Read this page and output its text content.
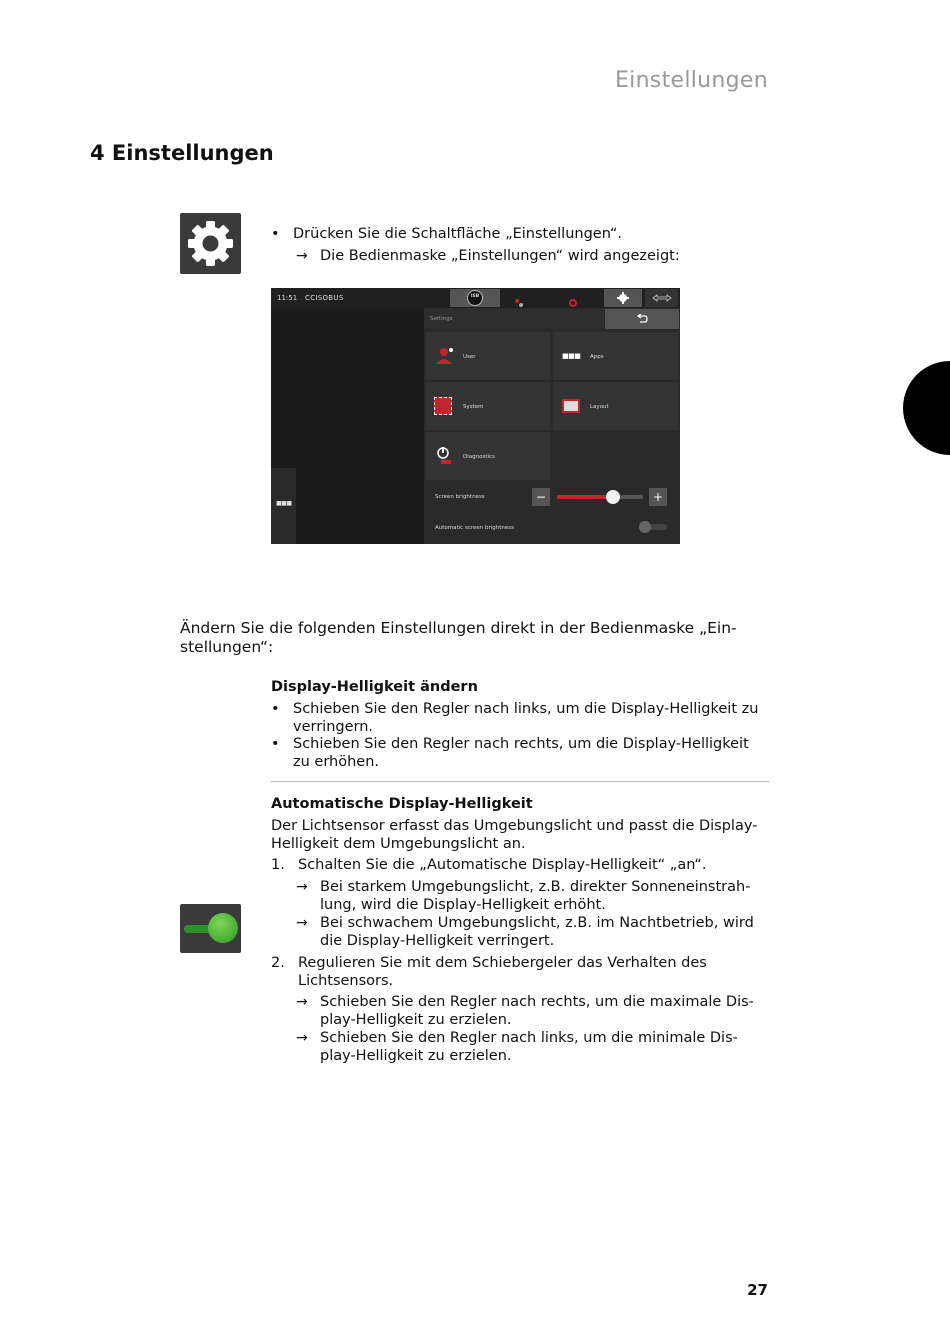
Einstellungen
4 Einstellungen
• Drücken Sie die Schaltfläche „Einstellungen“.
→ Die Bedienmaske „Einstellungen“ wird angezeigt:
11:51 CCISOBUS	ISB
■■■
Settings
User	■■■ Apps
System	Layout
Diagnostics
Screen brightness	−	+
Automatic screen brightness
Ändern Sie die folgenden Einstellungen direkt in der Bedienmaske „Ein-
stellungen“:
Display-Helligkeit ändern
• Schieben Sie den Regler nach links, um die Display-Helligkeit zu
verringern.
• Schieben Sie den Regler nach rechts, um die Display-Helligkeit
zu erhöhen.
Automatische Display-Helligkeit
Der Lichtsensor erfasst das Umgebungslicht und passt die Display-
Helligkeit dem Umgebungslicht an.
1. Schalten Sie die „Automatische Display-Helligkeit“ „an“.
→ Bei starkem Umgebungslicht, z.B. direkter Sonneneinstrah-
lung, wird die Display-Helligkeit erhöht.
→ Bei schwachem Umgebungslicht, z.B. im Nachtbetrieb, wird
die Display-Helligkeit verringert.
2. Regulieren Sie mit dem Schiebergeler das Verhalten des
Lichtsensors.
→ Schieben Sie den Regler nach rechts, um die maximale Dis-
play-Helligkeit zu erzielen.
→ Schieben Sie den Regler nach links, um die minimale Dis-
play-Helligkeit zu erzielen.
27
